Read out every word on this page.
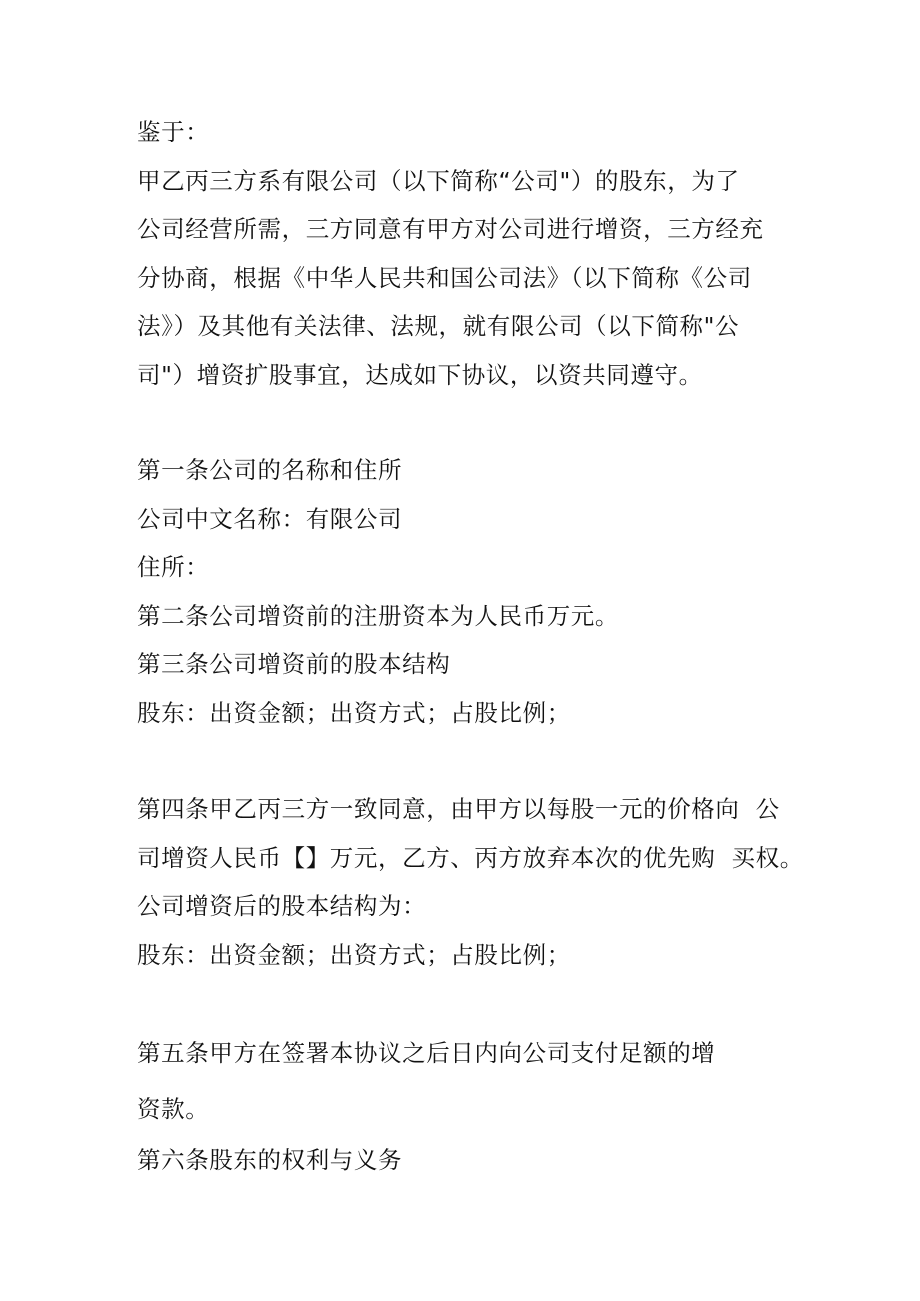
鉴于：
甲乙丙三方系有限公司（以下简称“公司"）的股东，为了
公司经营所需，三方同意有甲方对公司进行增资，三方经充
分协商，根据《中华人民共和国公司法》（以下简称《公司
法》）及其他有关法律、法规，就有限公司（以下简称"公
司"）增资扩股事宜，达成如下协议，以资共同遵守。
第一条公司的名称和住所
公司中文名称：有限公司
住所：
第二条公司增资前的注册资本为人民币万元。
第三条公司增资前的股本结构
股东：出资金额；出资方式；占股比例；
第四条甲乙丙三方一致同意，由甲方以每股一元的价格向  公
司增资人民币【】万元，乙方、丙方放弃本次的优先购  买权。
公司增资后的股本结构为：
股东：出资金额；出资方式；占股比例；
第五条甲方在签署本协议之后日内向公司支付足额的增
资款。
第六条股东的权利与义务
